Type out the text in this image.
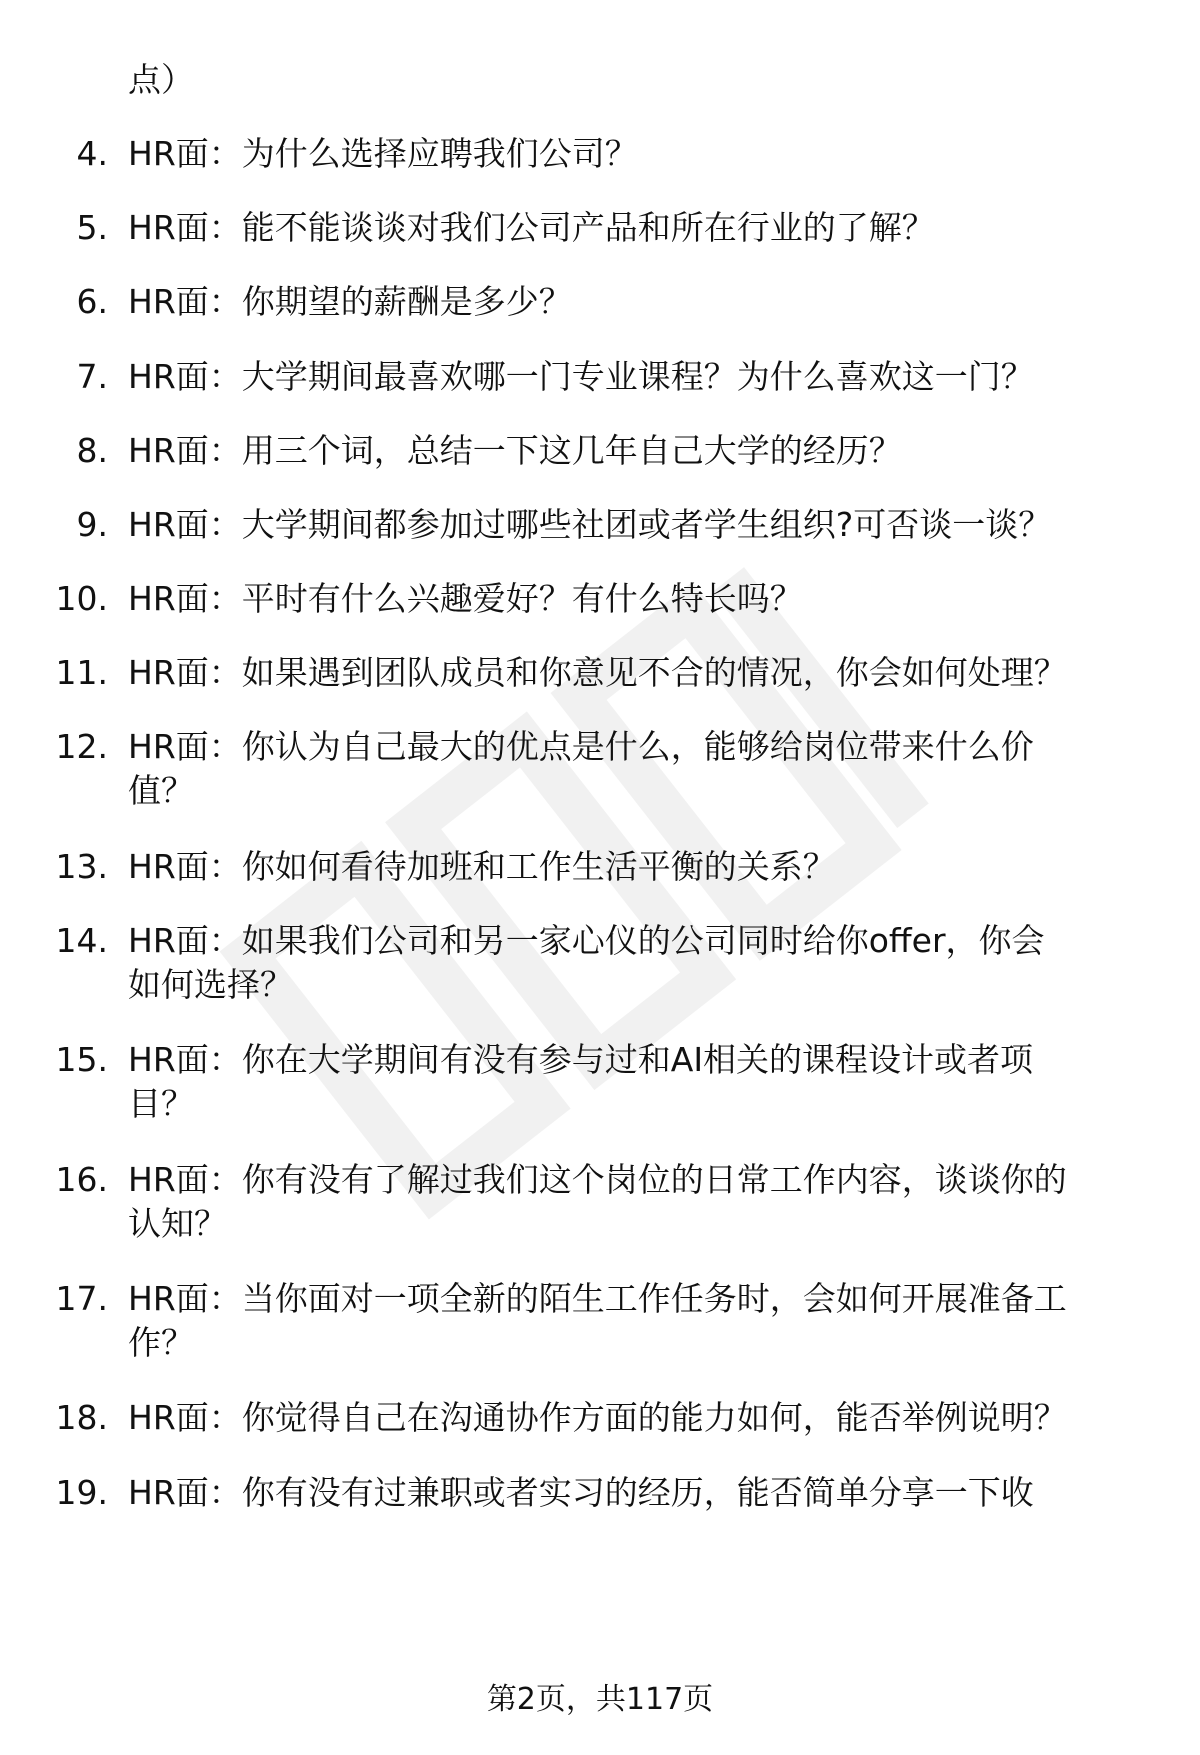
点）
4. HR面：为什么选择应聘我们公司？
5. HR面：能不能谈谈对我们公司产品和所在行业的了解？
6. HR面：你期望的薪酬是多少？
7. HR面：大学期间最喜欢哪一门专业课程？为什么喜欢这一门？
8. HR面：用三个词，总结一下这几年自己大学的经历？
9. HR面：大学期间都参加过哪些社团或者学生组织?可否谈一谈？
10. HR面：平时有什么兴趣爱好？有什么特长吗？
11. HR面：如果遇到团队成员和你意见不合的情况，你会如何处理？
12. HR面：你认为自己最大的优点是什么，能够给岗位带来什么价
值？
13. HR面：你如何看待加班和工作生活平衡的关系？
14. HR面：如果我们公司和另一家心仪的公司同时给你offer，你会
如何选择？
15. HR面：你在大学期间有没有参与过和AI相关的课程设计或者项
目？
16. HR面：你有没有了解过我们这个岗位的日常工作内容，谈谈你的
认知？
17. HR面：当你面对一项全新的陌生工作任务时，会如何开展准备工
作？
18. HR面：你觉得自己在沟通协作方面的能力如何，能否举例说明？
19. HR面：你有没有过兼职或者实习的经历，能否简单分享一下收
第2页，共117页
